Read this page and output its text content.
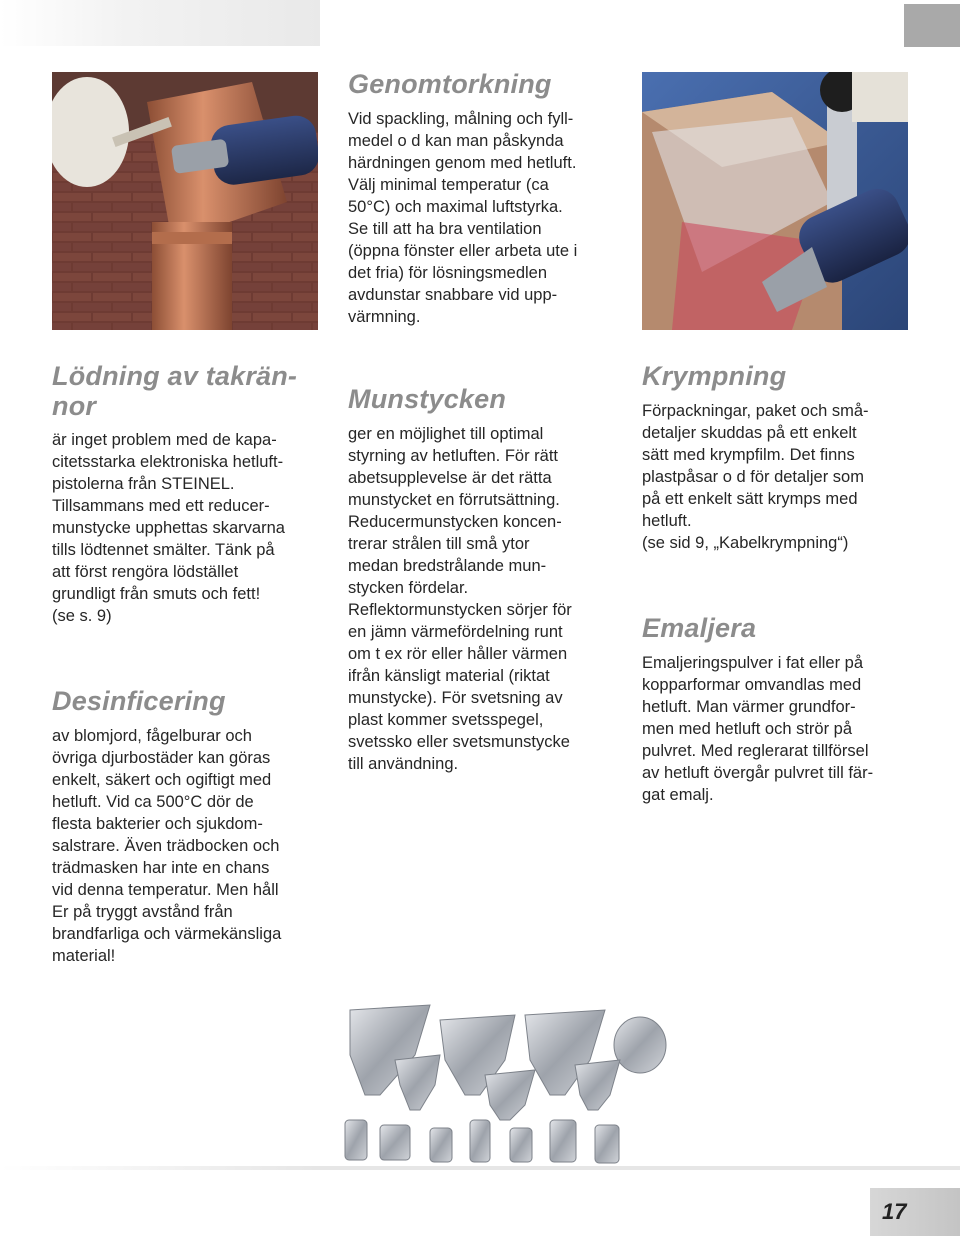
Genomtorkning

Vid spackling, målning och fyll-
medel o d kan man påskynda
härdningen genom med hetluft.
Välj minimal temperatur (ca
50°C) och maximal luftstyrka.
Se till att ha bra ventilation
(öppna fönster eller arbeta ute i
det fria) för lösningsmedlen
avdunstar snabbare vid upp-
värmning.

Lödning av takrän-
nor

är inget problem med de kapa-
citetsstarka elektroniska hetluft-
pistolerna från STEINEL.
Tillsammans med ett reducer-
munstycke upphettas skarvarna
tills lödtennet smälter. Tänk på
att först rengöra lödstället
grundligt från smuts och fett!
(se s. 9)

Desinficering

av blomjord, fågelburar och
övriga djurbostäder kan göras
enkelt, säkert och ogiftigt med
hetluft. Vid ca 500°C dör de
flesta bakterier och sjukdom-
salstrare. Även trädbocken och
trädmasken har inte en chans
vid denna temperatur. Men håll
Er på tryggt avstånd från
brandfarliga och värmekänsliga
material!

Munstycken

ger en möjlighet till optimal
styrning av hetluften. För rätt
abetsupplevelse är det rätta
munstycket en förrutsättning.
Reducermunstycken koncen-
trerar strålen till små ytor
medan bredstrålande mun-
stycken fördelar.
Reflektormunstycken sörjer för
en jämn värmefördelning runt
om t ex rör eller håller värmen
ifrån känsligt material (riktat
munstycke). För svetsning av
plast kommer svetsspegel,
svetssko eller svetsmunstycke
till användning.

Krympning

Förpackningar, paket och små-
detaljer skuddas på ett enkelt
sätt med krympfilm. Det finns
plastpåsar o d för detaljer som
på ett enkelt sätt krymps med
hetluft.
(se sid 9, „Kabelkrympning“)

Emaljera

Emaljeringspulver i fat eller på
kopparformar omvandlas med
hetluft. Man värmer grundfor-
men med hetluft och strör på
pulvret. Med reglerarat tillförsel
av hetluft övergår pulvret till fär-
gat emalj.

17
